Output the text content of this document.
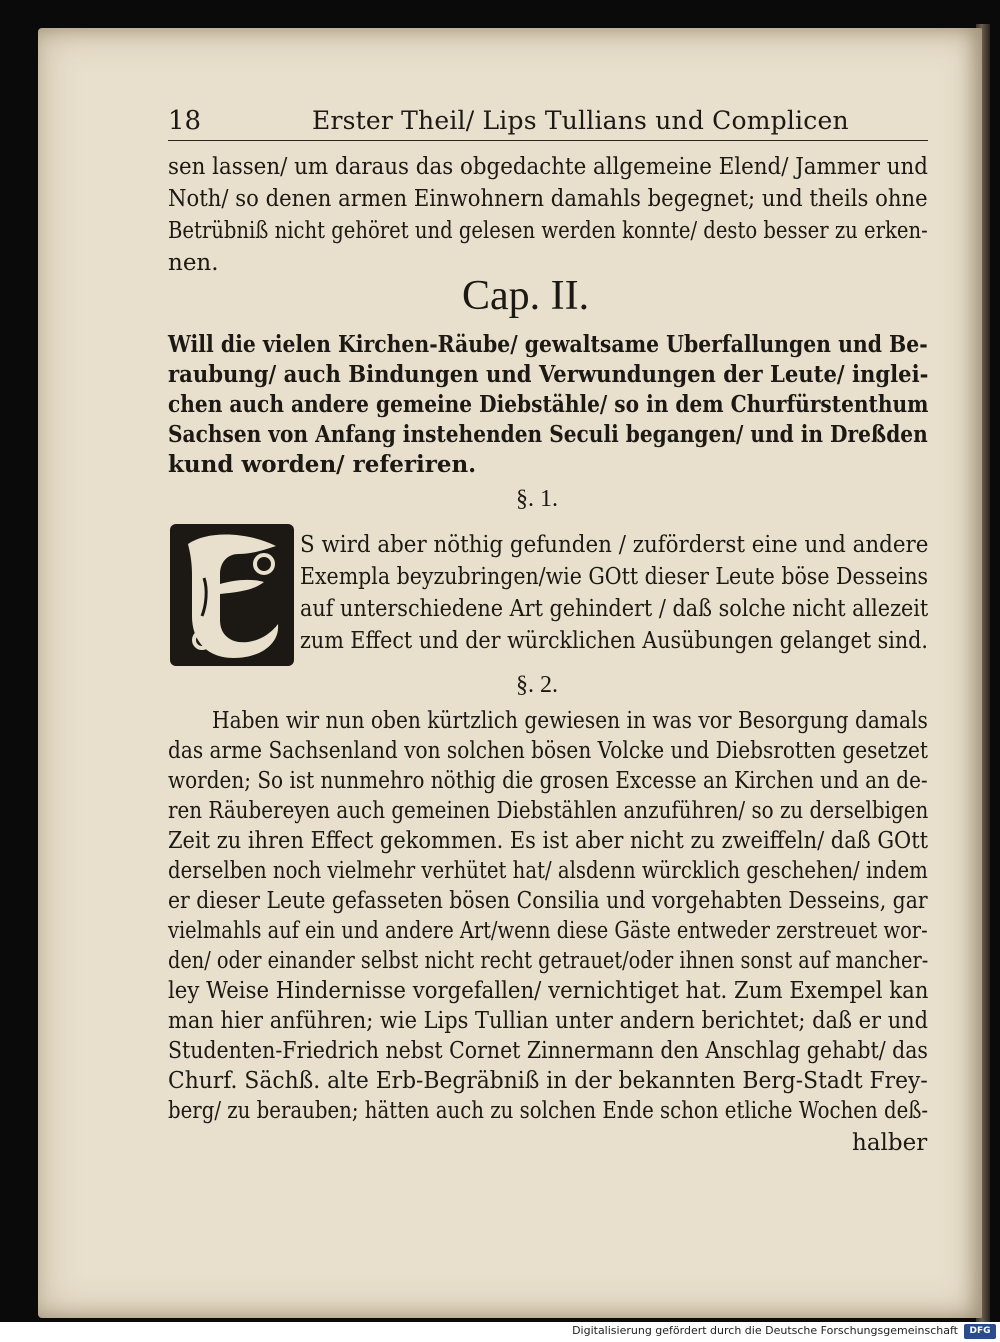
18	Erster Theil/ Lips Tullians und Complicen
sen lassen/ um daraus das obgedachte allgemeine Elend/ Jammer und
Noth/ so denen armen Einwohnern damahls begegnet; und theils ohne
Betrübniß nicht gehöret und gelesen werden konnte/ desto besser zu erken-
nen.
Cap. II.
Will die vielen Kirchen-Räube/ gewaltsame Uberfallungen und Be-
raubung/ auch Bindungen und Verwundungen der Leute/ inglei-
chen auch andere gemeine Diebstähle/ so in dem Churfürstenthum
Sachsen von Anfang instehenden Seculi begangen/ und in Dreßden
kund worden/ referiren.
§. 1.
E
S wird aber nöthig gefunden / zuförderst eine und andere
Exempla beyzubringen/wie GOtt dieser Leute böse Desseins
auf unterschiedene Art gehindert / daß solche nicht allezeit
zum Effect und der würcklichen Ausübungen gelanget sind.
§. 2.
Haben wir nun oben kürtzlich gewiesen in was vor Besorgung damals
das arme Sachsenland von solchen bösen Volcke und Diebsrotten gesetzet
worden; So ist nunmehro nöthig die grosen Excesse an Kirchen und an de-
ren Räubereyen auch gemeinen Diebstählen anzuführen/ so zu derselbigen
Zeit zu ihren Effect gekommen. Es ist aber nicht zu zweiffeln/ daß GOtt
derselben noch vielmehr verhütet hat/ alsdenn würcklich geschehen/ indem
er dieser Leute gefasseten bösen Consilia und vorgehabten Desseins, gar
vielmahls auf ein und andere Art/wenn diese Gäste entweder zerstreuet wor-
den/ oder einander selbst nicht recht getrauet/oder ihnen sonst auf mancher-
ley Weise Hindernisse vorgefallen/ vernichtiget hat. Zum Exempel kan
man hier anführen; wie Lips Tullian unter andern berichtet; daß er und
Studenten-Friedrich nebst Cornet Zinnermann den Anschlag gehabt/ das
Churf. Sächß. alte Erb-Begräbniß in der bekannten Berg-Stadt Frey-
berg/ zu berauben; hätten auch zu solchen Ende schon etliche Wochen deß-
halber
Digitalisierung gefördert durch die Deutsche Forschungsgemeinschaft	DFG
